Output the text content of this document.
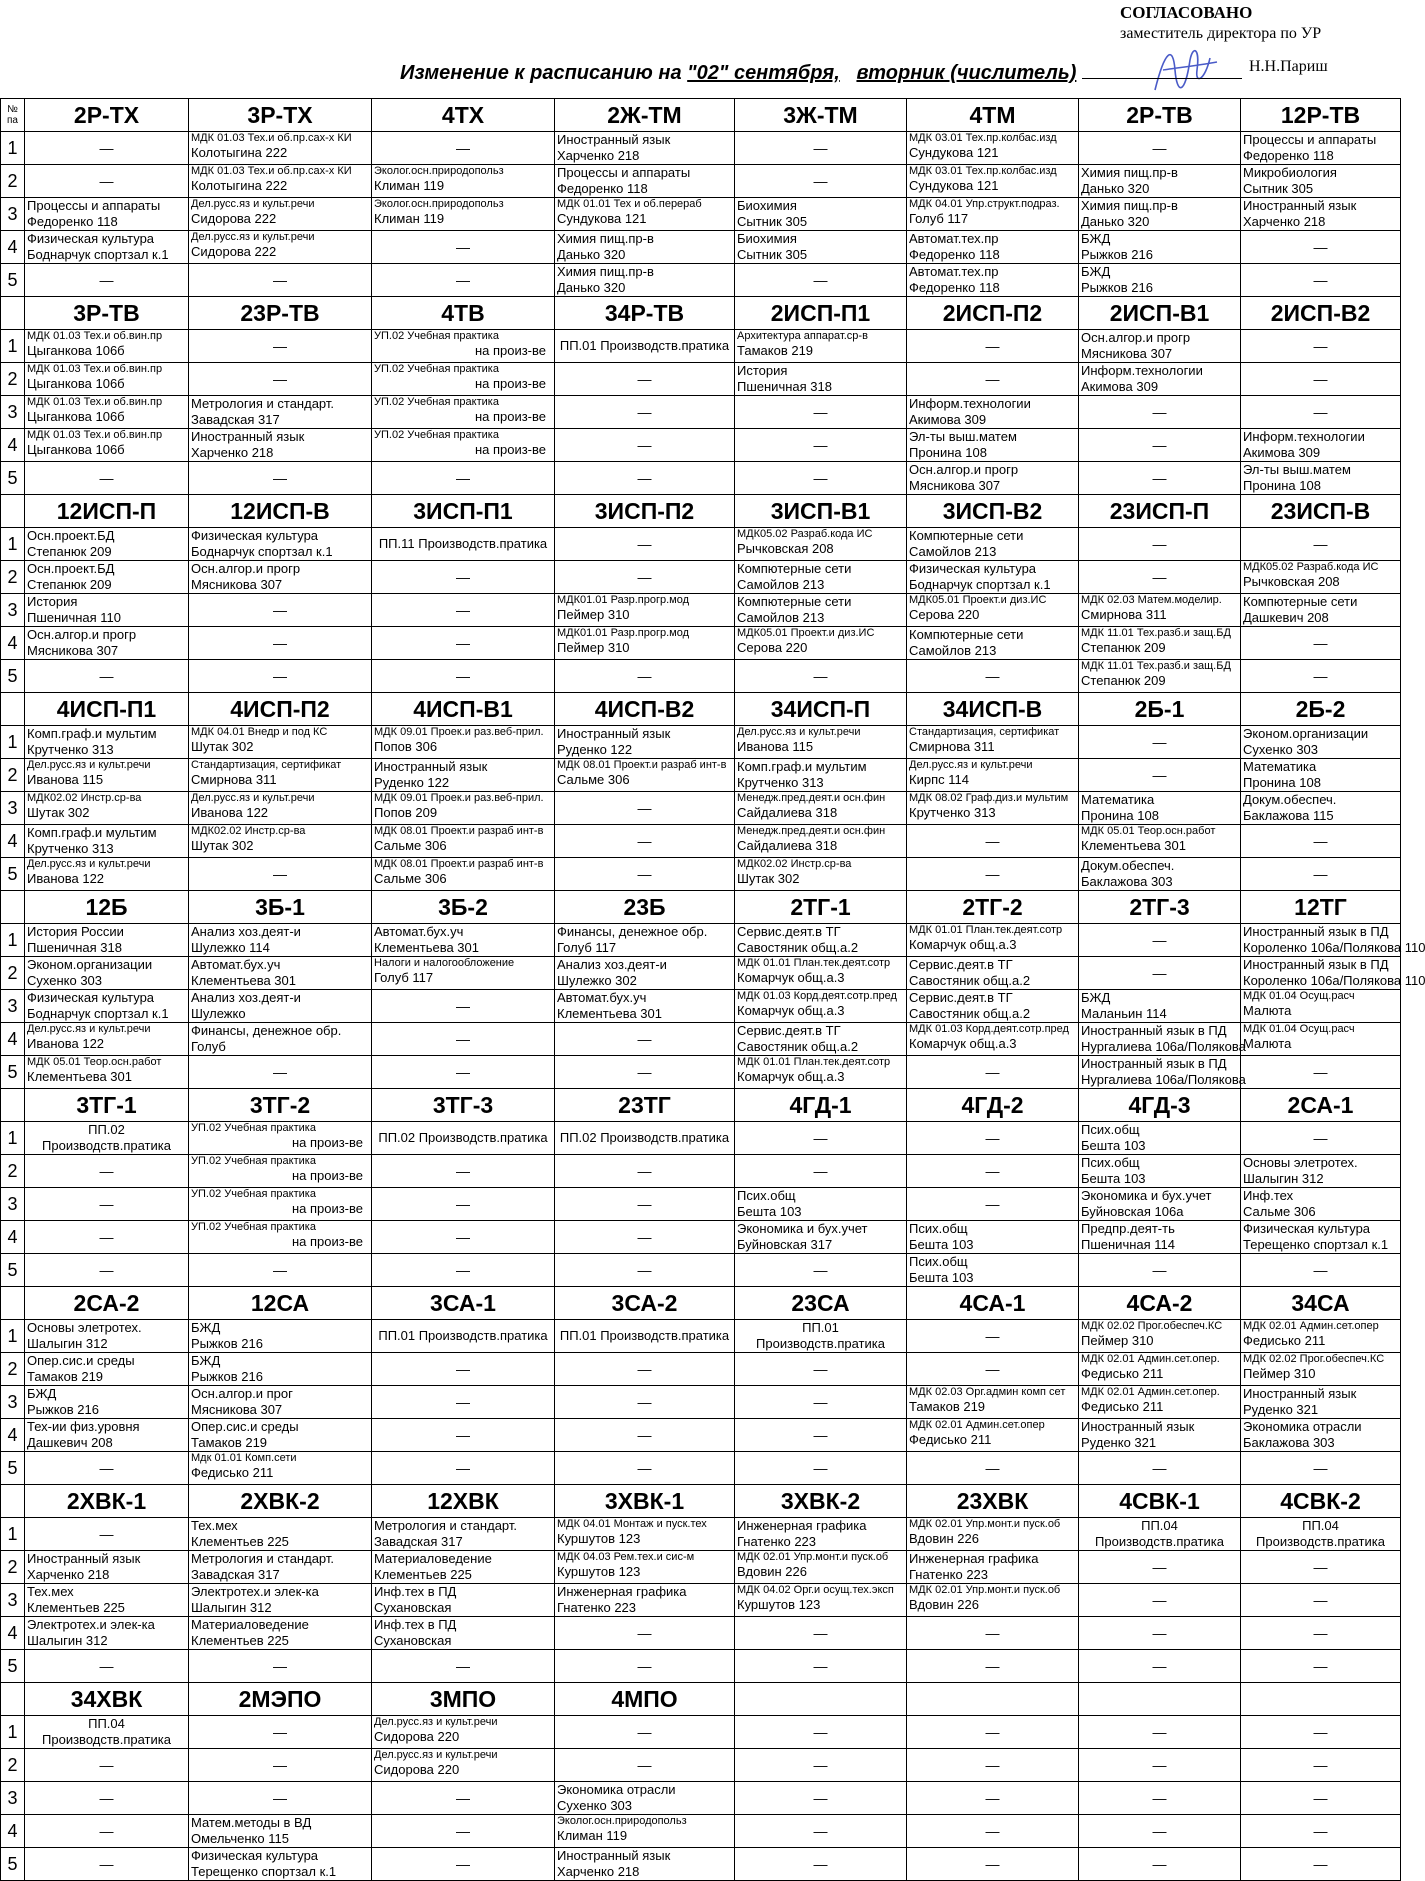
СОГЛАСОВАНО
заместитель директора по УР
Изменение к расписанию на "02" сентября, вторник (числитель)	Н.Н.Париш
№ па	2Р-ТХ	3Р-ТХ	4ТХ	2Ж-ТМ	3Ж-ТМ	4ТМ	2Р-ТВ	12Р-ТВ
1	—	МДК 01.03 Тех.и об.пр.сах-х КИ
Колотыгина 222	—	Иностранный язык
Харченко 218	—	МДК 03.01 Тех.пр.колбас.изд
Сундукова 121	—	Процессы и аппараты
Федоренко 118

2	—	МДК 01.03 Тех.и об.пр.сах-х КИ
Колотыгина 222	Эколог.осн.природопольз
Климан 119	Процессы и аппараты
Федоренко 118	—	МДК 03.01 Тех.пр.колбас.изд
Сундукова 121	Химия пищ.пр-в
Данько 320	Микробиология
Сытник 305

3	Процессы и аппараты
Федоренко 118	Дел.русс.яз и культ.речи
Сидорова 222	Эколог.осн.природопольз
Климан 119	МДК 01.01 Тех и об.перераб
Сундукова 121	Биохимия
Сытник 305	МДК 04.01 Упр.структ.подраз.
Голуб 117	Химия пищ.пр-в
Данько 320	Иностранный язык
Харченко 218

4	Физическая культура
Боднарчук спортзал к.1	Дел.русс.яз и культ.речи
Сидорова 222	—	Химия пищ.пр-в
Данько 320	Биохимия
Сытник 305	Автомат.тех.пр
Федоренко 118	БЖД
Рыжков 216	—
5	—	—	—	Химия пищ.пр-в
Данько 320	—	Автомат.тех.пр
Федоренко 118	БЖД
Рыжков 216	—
	3Р-ТВ	23Р-ТВ	4ТВ	34Р-ТВ	2ИСП-П1	2ИСП-П2	2ИСП-В1	2ИСП-В2
1	МДК 01.03 Тех.и об.вин.пр
Цыганкова 106б	—	УП.02 Учебная практика
на произ-ве	ПП.01 Производств.пратика	Архитектура аппарат.ср-в
Тамаков 219	—	Осн.алгор.и прогр
Мясникова 307	—
2	МДК 01.03 Тех.и об.вин.пр
Цыганкова 106б	—	УП.02 Учебная практика
на произ-ве	—	История
Пшеничная 318	—	Информ.технологии
Акимова 309	—
3	МДК 01.03 Тех.и об.вин.пр
Цыганкова 106б	Метрология и стандарт.
Завадская 317	УП.02 Учебная практика
на произ-ве	—	—	Информ.технологии
Акимова 309	—	—
4	МДК 01.03 Тех.и об.вин.пр
Цыганкова 106б	Иностранный язык
Харченко 218	УП.02 Учебная практика
на произ-ве	—	—	Эл-ты выш.матем
Пронина 108	—	Информ.технологии
Акимова 309

5	—	—	—	—	—	Осн.алгор.и прогр
Мясникова 307	—	Эл-ты выш.матем
Пронина 108

	12ИСП-П	12ИСП-В	3ИСП-П1	3ИСП-П2	3ИСП-В1	3ИСП-В2	23ИСП-П	23ИСП-В
1	Осн.проект.БД
Степанюк 209	Физическая культура
Боднарчук спортзал к.1	ПП.11 Производств.пратика	—	МДК05.02 Разраб.кода ИС
Рычковская 208	Компютерные сети
Самойлов 213	—	—
2	Осн.проект.БД
Степанюк 209	Осн.алгор.и прогр
Мясникова 307	—	—	Компютерные сети
Самойлов 213	Физическая культура
Боднарчук спортзал к.1	—	МДК05.02 Разраб.кода ИС
Рычковская 208

3	История
Пшеничная 110	—	—	МДК01.01 Разр.прогр.мод
Пеймер 310	Компютерные сети
Самойлов 213	МДК05.01 Проект.и диз.ИС
Серова 220	МДК 02.03 Матем.моделир.
Смирнова 311	Компютерные сети
Дашкевич 208

4	Осн.алгор.и прогр
Мясникова 307	—	—	МДК01.01 Разр.прогр.мод
Пеймер 310	МДК05.01 Проект.и диз.ИС
Серова 220	Компютерные сети
Самойлов 213	МДК 11.01 Тех.разб.и защ.БД
Степанюк 209	—
5	—	—	—	—	—	—	МДК 11.01 Тех.разб.и защ.БД
Степанюк 209	—
	4ИСП-П1	4ИСП-П2	4ИСП-В1	4ИСП-В2	34ИСП-П	34ИСП-В	2Б-1	2Б-2
1	Комп.граф.и мультим
Крутченко 313	МДК 04.01 Внедр и под КС
Шутак 302	МДК 09.01 Проек.и раз.веб-прил.
Попов 306	Иностранный язык
Руденко 122	Дел.русс.яз и культ.речи
Иванова 115	Стандартизация, сертификат
Смирнова 311	—	Эконом.организации
Сухенко 303

2	Дел.русс.яз и культ.речи
Иванова 115	Стандартизация, сертификат
Смирнова 311	Иностранный язык
Руденко 122	МДК 08.01 Проект.и разраб инт-в
Сальме 306	Комп.граф.и мультим
Крутченко 313	Дел.русс.яз и культ.речи
Кирпс 114	—	Математика
Пронина 108

3	МДК02.02 Инстр.ср-ва
Шутак 302	Дел.русс.яз и культ.речи
Иванова 122	МДК 09.01 Проек.и раз.веб-прил.
Попов 209	—	Менедж.пред.деят.и осн.фин
Сайдалиева 318	МДК 08.02 Граф.диз.и мультим
Крутченко 313	Математика
Пронина 108	Докум.обеспеч.
Баклажова 115

4	Комп.граф.и мультим
Крутченко 313	МДК02.02 Инстр.ср-ва
Шутак 302	МДК 08.01 Проект.и разраб инт-в
Сальме 306	—	Менедж.пред.деят.и осн.фин
Сайдалиева 318	—	МДК 05.01 Теор.осн.работ
Клементьева 301	—
5	Дел.русс.яз и культ.речи
Иванова 122	—	МДК 08.01 Проект.и разраб инт-в
Сальме 306	—	МДК02.02 Инстр.ср-ва
Шутак 302	—	Докум.обеспеч.
Баклажова 303	—
	12Б	3Б-1	3Б-2	23Б	2ТГ-1	2ТГ-2	2ТГ-3	12ТГ
1	История России
Пшеничная 318	Анализ хоз.деят-и
Шулежко 114	Автомат.бух.уч
Клементьева 301	Финансы, денежное обр.
Голуб 117	Сервис.деят.в ТГ
Савостяник общ.а.2	МДК 01.01 План.тек.деят.сотр
Комарчук общ.а.3	—	Иностранный язык в ПД
Короленко 106а/Полякова 110

2	Эконом.организации
Сухенко 303	Автомат.бух.уч
Клементьева 301	Налоги и налогообложение
Голуб 117	Анализ хоз.деят-и
Шулежко 302	МДК 01.01 План.тек.деят.сотр
Комарчук общ.а.3	Сервис.деят.в ТГ
Савостяник общ.а.2	—	Иностранный язык в ПД
Короленко 106а/Полякова 110

3	Физическая культура
Боднарчук спортзал к.1	Анализ хоз.деят-и
Шулежко	—	Автомат.бух.уч
Клементьева 301	МДК 01.03 Корд.деят.сотр.пред
Комарчук общ.а.3	Сервис.деят.в ТГ
Савостяник общ.а.2	БЖД
Маланьин 114	МДК 01.04 Осущ.расч
Малюта

4	Дел.русс.яз и культ.речи
Иванова 122	Финансы, денежное обр.
Голуб	—	—	Сервис.деят.в ТГ
Савостяник общ.а.2	МДК 01.03 Корд.деят.сотр.пред
Комарчук общ.а.3	Иностранный язык в ПД
Нургалиева 106а/Полякова	МДК 01.04 Осущ.расч
Малюта

5	МДК 05.01 Теор.осн.работ
Клементьева 301	—	—	—	МДК 01.01 План.тек.деят.сотр
Комарчук общ.а.3	—	Иностранный язык в ПД
Нургалиева 106а/Полякова	—
	3ТГ-1	3ТГ-2	3ТГ-3	23ТГ	4ГД-1	4ГД-2	4ГД-3	2СА-1
1	ПП.02
Производств.пратика	УП.02 Учебная практика
на произ-ве	ПП.02 Производств.пратика	ПП.02 Производств.пратика	—	—	Псих.общ
Бешта 103	—
2	—	УП.02 Учебная практика
на произ-ве	—	—	—	—	Псих.общ
Бешта 103	Основы элетротех.
Шалыгин 312

3	—	УП.02 Учебная практика
на произ-ве	—	—	Псих.общ
Бешта 103	—	Экономика и бух.учет
Буйновская 106а	Инф.тех
Сальме 306

4	—	УП.02 Учебная практика
на произ-ве	—	—	Экономика и бух.учет
Буйновская 317	Псих.общ
Бешта 103	Предпр.деят-ть
Пшеничная 114	Физическая культура
Терещенко спортзал к.1

5	—	—	—	—	—	Псих.общ
Бешта 103	—	—
	2СА-2	12СА	3СА-1	3СА-2	23СА	4СА-1	4СА-2	34СА
1	Основы элетротех.
Шалыгин 312	БЖД
Рыжков 216	ПП.01 Производств.пратика	ПП.01 Производств.пратика	ПП.01
Производств.пратика	—	МДК 02.02 Прог.обеспеч.КС
Пеймер 310	МДК 02.01 Админ.сет.опер
Федисько 211

2	Опер.сис.и среды
Тамаков 219	БЖД
Рыжков 216	—	—	—	—	МДК 02.01 Админ.сет.опер.
Федисько 211	МДК 02.02 Прог.обеспеч.КС
Пеймер 310

3	БЖД
Рыжков 216	Осн.алгор.и прог
Мясникова 307	—	—	—	МДК 02.03 Орг.админ комп сет
Тамаков 219	МДК 02.01 Админ.сет.опер.
Федисько 211	Иностранный язык
Руденко 321

4	Тех-ии физ.уровня
Дашкевич 208	Опер.сис.и среды
Тамаков 219	—	—	—	МДК 02.01 Админ.сет.опер
Федисько 211	Иностранный язык
Руденко 321	Экономика отрасли
Баклажова 303

5	—	Мдк 01.01 Комп.сети
Федисько 211	—	—	—	—	—	—
	2ХВК-1	2ХВК-2	12ХВК	3ХВК-1	3ХВК-2	23ХВК	4СВК-1	4СВК-2
1	—	Тех.мех
Клементьев 225	Метрология и стандарт.
Завадская 317	МДК 04.01 Монтаж и пуск.тех
Куршутов 123	Инженерная графика
Гнатенко 223	МДК 02.01 Упр.монт.и пуск.об
Вдовин 226	ПП.04
Производств.пратика	ПП.04
Производств.пратика

2	Иностранный язык
Харченко 218	Метрология и стандарт.
Завадская 317	Материаловедение
Клементьев 225	МДК 04.03 Рем.тех.и сис-м
Куршутов 123	МДК 02.01 Упр.монт.и пуск.об
Вдовин 226	Инженерная графика
Гнатенко 223	—	—
3	Тех.мех
Клементьев 225	Электротех.и элек-ка
Шалыгин 312	Инф.тех в ПД
Сухановская	Инженерная графика
Гнатенко 223	МДК 04.02 Орг.и осущ.тех.эксп
Куршутов 123	МДК 02.01 Упр.монт.и пуск.об
Вдовин 226	—	—
4	Электротех.и элек-ка
Шалыгин 312	Материаловедение
Клементьев 225	Инф.тех в ПД
Сухановская	—	—	—	—	—
5	—	—	—	—	—	—	—	—
	34ХВК	2МЭПО	3МПО	4МПО				
1	ПП.04
Производств.пратика	—	Дел.русс.яз и культ.речи
Сидорова 220	—	—	—	—	—
2	—	—	Дел.русс.яз и культ.речи
Сидорова 220	—	—	—	—	—
3	—	—	—	Экономика отрасли
Сухенко 303	—	—	—	—
4	—	Матем.методы в ВД
Омельченко 115	—	Эколог.осн.природопольз
Климан 119	—	—	—	—
5	—	Физическая культура
Терещенко спортзал к.1	—	Иностранный язык
Харченко 218	—	—	—	—
